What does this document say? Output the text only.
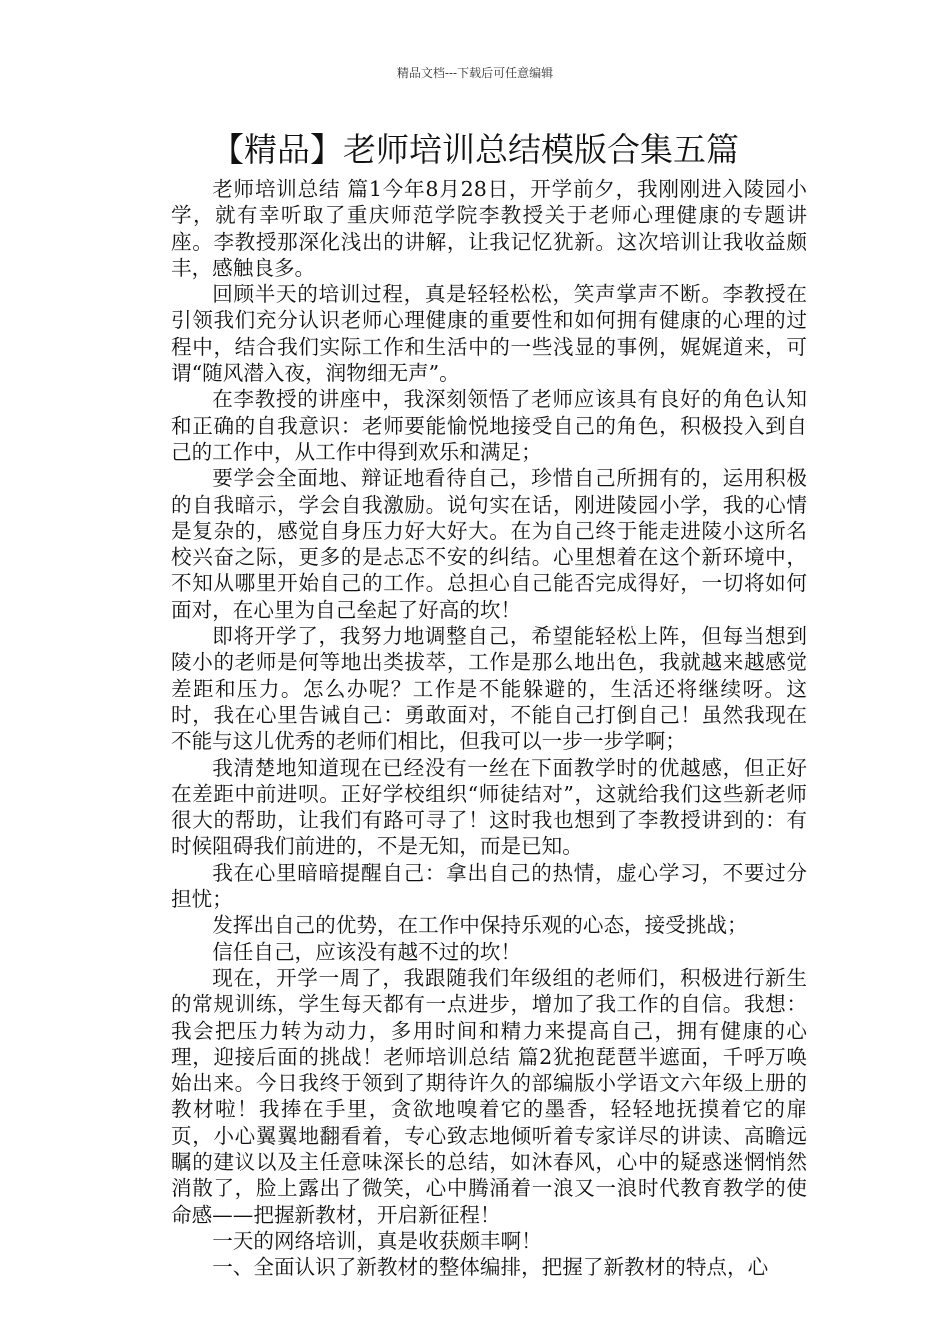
精品文档---下载后可任意编辑
【精品】老师培训总结模版合集五篇

老师培训总结 篇1今年8月28日，开学前夕，我刚刚进入陵园小学，就有幸听取了重庆师范学院李教授关于老师心理健康的专题讲座。李教授那深化浅出的讲解，让我记忆犹新。这次培训让我收益颇丰，感触良多。

回顾半天的培训过程，真是轻轻松松，笑声掌声不断。李教授在引领我们充分认识老师心理健康的重要性和如何拥有健康的心理的过程中，结合我们实际工作和生活中的一些浅显的事例，娓娓道来，可谓“随风潜入夜，润物细无声”。

在李教授的讲座中，我深刻领悟了老师应该具有良好的角色认知和正确的自我意识：老师要能愉悦地接受自己的角色，积极投入到自己的工作中，从工作中得到欢乐和满足；

要学会全面地、辩证地看待自己，珍惜自己所拥有的，运用积极的自我暗示，学会自我激励。说句实在话，刚进陵园小学，我的心情是复杂的，感觉自身压力好大好大。在为自己终于能走进陵小这所名校兴奋之际，更多的是忐忑不安的纠结。心里想着在这个新环境中，不知从哪里开始自己的工作。总担心自己能否完成得好，一切将如何面对，在心里为自己垒起了好高的坎！

即将开学了，我努力地调整自己，希望能轻松上阵，但每当想到陵小的老师是何等地出类拔萃，工作是那么地出色，我就越来越感觉差距和压力。怎么办呢？工作是不能躲避的，生活还将继续呀。这时，我在心里告诫自己：勇敢面对，不能自己打倒自己！虽然我现在不能与这儿优秀的老师们相比，但我可以一步一步学啊；

我清楚地知道现在已经没有一丝在下面教学时的优越感，但正好在差距中前进呗。正好学校组织“师徒结对”，这就给我们这些新老师很大的帮助，让我们有路可寻了！这时我也想到了李教授讲到的：有时候阻碍我们前进的，不是无知，而是已知。

我在心里暗暗提醒自己：拿出自己的热情，虚心学习，不要过分担忧；

发挥出自己的优势，在工作中保持乐观的心态，接受挑战；

信任自己，应该没有越不过的坎！

现在，开学一周了，我跟随我们年级组的老师们，积极进行新生的常规训练，学生每天都有一点进步，增加了我工作的自信。我想：我会把压力转为动力，多用时间和精力来提高自己，拥有健康的心理，迎接后面的挑战！老师培训总结 篇2犹抱琵琶半遮面，千呼万唤始出来。今日我终于领到了期待许久的部编版小学语文六年级上册的教材啦！我捧在手里，贪欲地嗅着它的墨香，轻轻地抚摸着它的扉页，小心翼翼地翻看着，专心致志地倾听着专家详尽的讲读、高瞻远瞩的建议以及主任意味深长的总结，如沐春风，心中的疑惑迷惘悄然消散了，脸上露出了微笑，心中腾涌着一浪又一浪时代教育教学的使命感——把握新教材，开启新征程！

一天的网络培训，真是收获颇丰啊！

一、全面认识了新教材的整体编排，把握了新教材的特点，心
